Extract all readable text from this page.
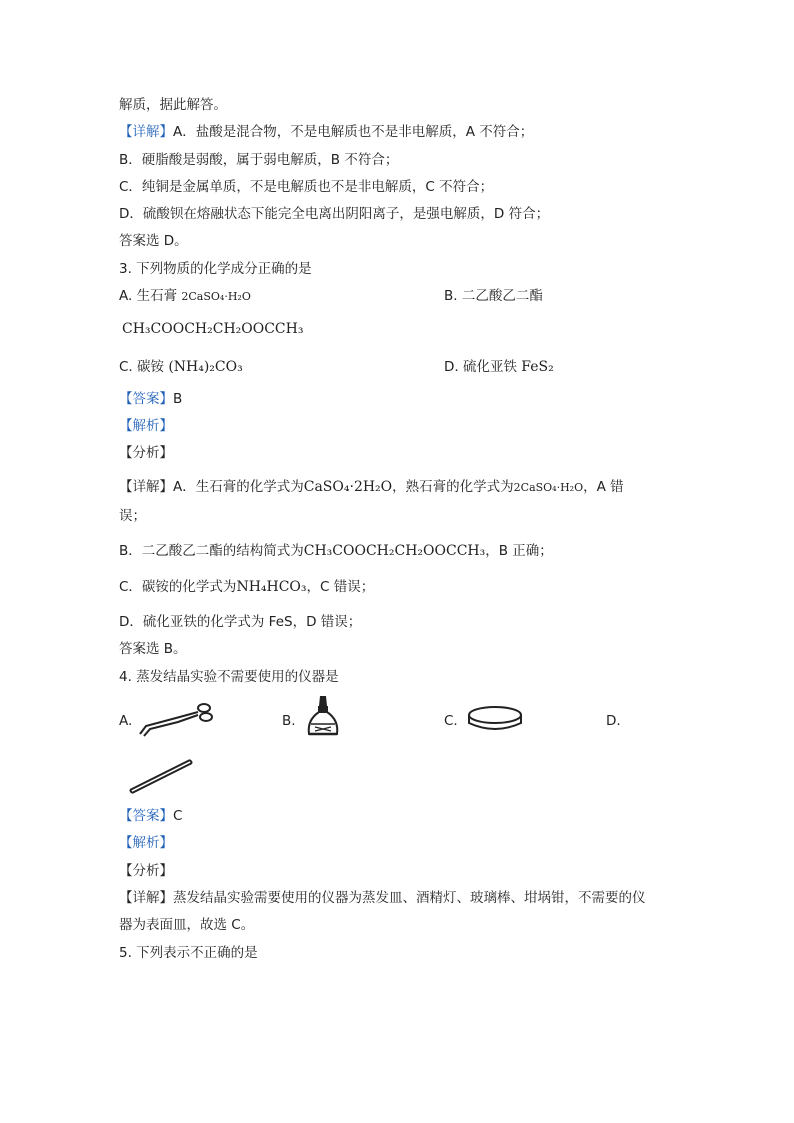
解质，据此解答。
【详解】A．盐酸是混合物，不是电解质也不是非电解质，A 不符合；
B．硬脂酸是弱酸，属于弱电解质，B 不符合；
C．纯铜是金属单质，不是电解质也不是非电解质，C 不符合；
D．硫酸钡在熔融状态下能完全电离出阴阳离子，是强电解质，D 符合；
答案选 D。
3. 下列物质的化学成分正确的是
A. 生石膏 2CaSO₄·H₂O	B. 二乙酸乙二酯
CH₃COOCH₂CH₂OOCCH₃
C. 碳铵 (NH₄)₂CO₃	D. 硫化亚铁 FeS₂
【答案】B
【解析】
【分析】
【详解】A．生石膏的化学式为CaSO₄·2H₂O，熟石膏的化学式为2CaSO₄·H₂O，A 错
误；
B．二乙酸乙二酯的结构简式为CH₃COOCH₂CH₂OOCCH₃，B 正确；
C．碳铵的化学式为NH₄HCO₃，C 错误；
D．硫化亚铁的化学式为 FeS，D 错误；
答案选 B。
4. 蒸发结晶实验不需要使用的仪器是
A.	B.	C.	D.
【答案】C
【解析】
【分析】
【详解】蒸发结晶实验需要使用的仪器为蒸发皿、酒精灯、玻璃棒、坩埚钳，不需要的仪
器为表面皿，故选 C。
5. 下列表示不正确的是
